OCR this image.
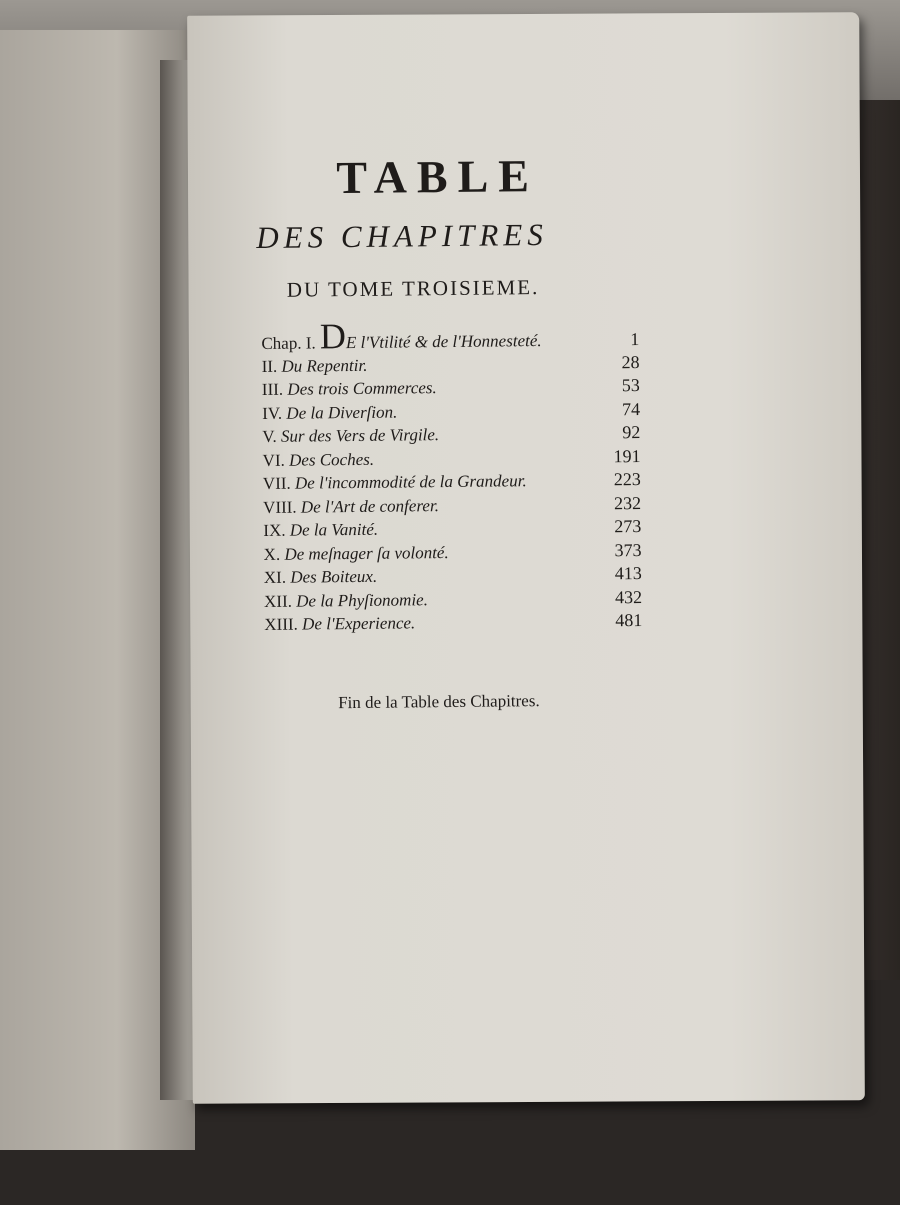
TABLE
DES CHAPITRES
DU TOME TROISIEME.
Chap. I. DE l'Vtilité & de l'Honnesteté.	1
II. Du Repentir.	28
III. Des trois Commerces.	53
IV. De la Diverſion.	74
V. Sur des Vers de Virgile.	92
VI. Des Coches.	191
VII. De l'incommodité de la Grandeur.	223
VIII. De l'Art de conferer.	232
IX. De la Vanité.	273
X. De meſnager ſa volonté.	373
XI. Des Boiteux.	413
XII. De la Phyſionomie.	432
XIII. De l'Experience.	481
Fin de la Table des Chapitres.
